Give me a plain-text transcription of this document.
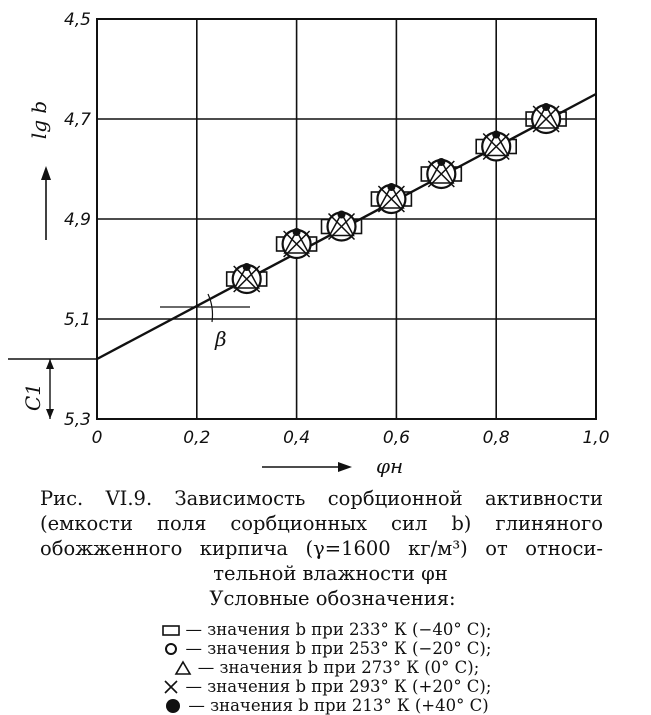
0	0,2	0,4	0,6	0,8	1,0
4,5
4,7
4,9
5,1
5,3
lg b
φн
C1
β
Рис. VI.9. Зависимость сорбционной активности
(емкости поля сорбционных сил b) глиняного
обожженного кирпича (γ=1600 кг/м³) от относи-
тельной влажности φн
Условные обозначения:
— значения b при 233° К (−40° С);
— значения b при 253° К (−20° С);
— значения b при 273° К (0° С);
— значения b при 293° К (+20° С);
— значения b при 213° К (+40° С)
